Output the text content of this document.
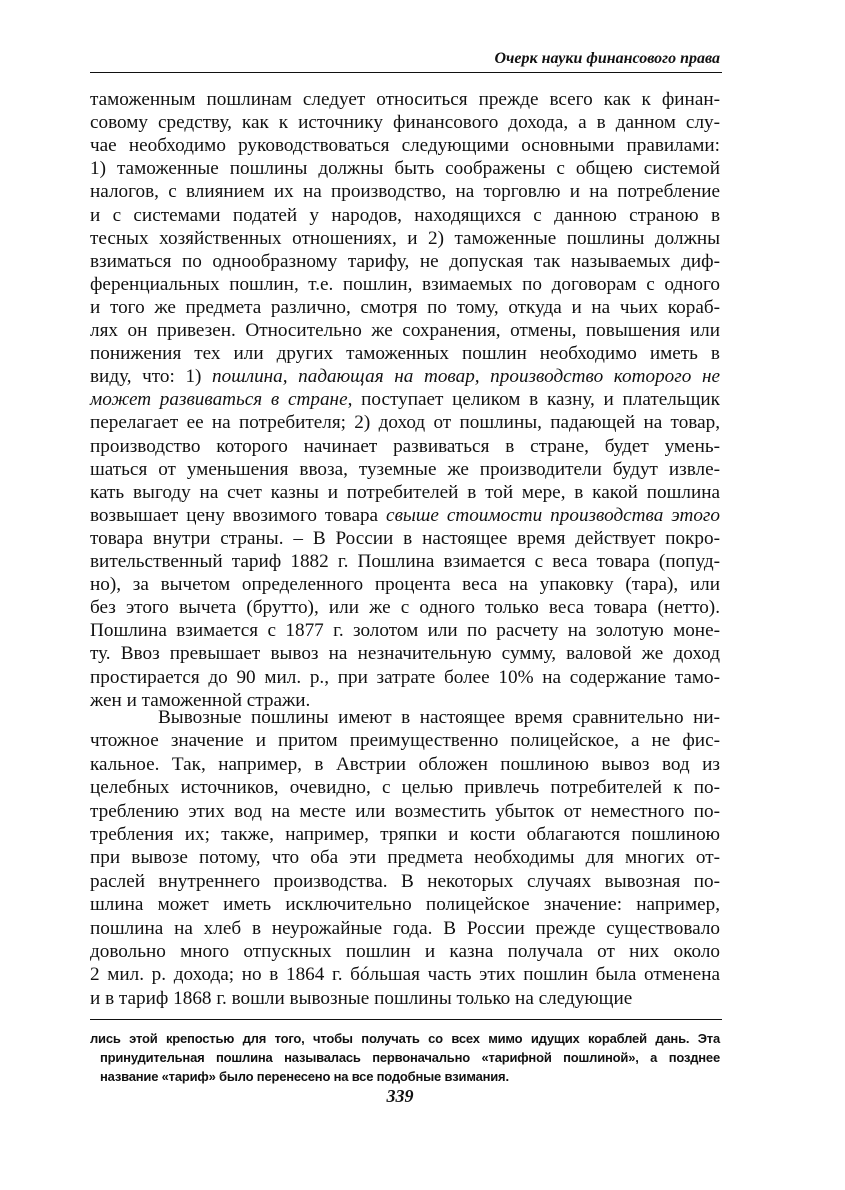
Очерк науки финансового права
таможенным пошлинам следует относиться прежде всего как к финан-
совому средству, как к источнику финансового дохода, а в данном слу-
чае необходимо руководствоваться следующими основными правилами:
1) таможенные пошлины должны быть соображены с общею системой
налогов, с влиянием их на производство, на торговлю и на потребление
и с системами податей у народов, находящихся с данною страною в
тесных хозяйственных отношениях, и 2) таможенные пошлины должны
взиматься по однообразному тарифу, не допуская так называемых диф-
ференциальных пошлин, т.е. пошлин, взимаемых по договорам с одного
и того же предмета различно, смотря по тому, откуда и на чьих кораб-
лях он привезен. Относительно же сохранения, отмены, повышения или
понижения тех или других таможенных пошлин необходимо иметь в
виду, что: 1) пошлина, падающая на товар, производство которого не
может развиваться в стране, поступает целиком в казну, и плательщик
перелагает ее на потребителя; 2) доход от пошлины, падающей на товар,
производство которого начинает развиваться в стране, будет умень-
шаться от уменьшения ввоза, туземные же производители будут извле-
кать выгоду на счет казны и потребителей в той мере, в какой пошлина
возвышает цену ввозимого товара свыше стоимости производства этого
товара внутри страны. – В России в настоящее время действует покро-
вительственный тариф 1882 г. Пошлина взимается с веса товара (попуд-
но), за вычетом определенного процента веса на упаковку (тара), или
без этого вычета (брутто), или же с одного только веса товара (нетто).
Пошлина взимается с 1877 г. золотом или по расчету на золотую моне-
ту. Ввоз превышает вывоз на незначительную сумму, валовой же доход
простирается до 90 мил. р., при затрате более 10% на содержание тамо-
жен и таможенной стражи.
Вывозные пошлины имеют в настоящее время сравнительно ни-
чтожное значение и притом преимущественно полицейское, а не фис-
кальное. Так, например, в Австрии обложен пошлиною вывоз вод из
целебных источников, очевидно, с целью привлечь потребителей к по-
треблению этих вод на месте или возместить убыток от неместного по-
требления их; также, например, тряпки и кости облагаются пошлиною
при вывозе потому, что оба эти предмета необходимы для многих от-
раслей внутреннего производства. В некоторых случаях вывозная по-
шлина может иметь исключительно полицейское значение: например,
пошлина на хлеб в неурожайные года. В России прежде существовало
довольно много отпускных пошлин и казна получала от них около
2 мил. р. дохода; но в 1864 г. бóльшая часть этих пошлин была отменена
и в тариф 1868 г. вошли вывозные пошлины только на следующие
лись этой крепостью для того, чтобы получать со всех мимо идущих кораблей дань. Эта
принудительная пошлина называлась первоначально «тарифной пошлиной», а позднее
название «тариф» было перенесено на все подобные взимания.
339
